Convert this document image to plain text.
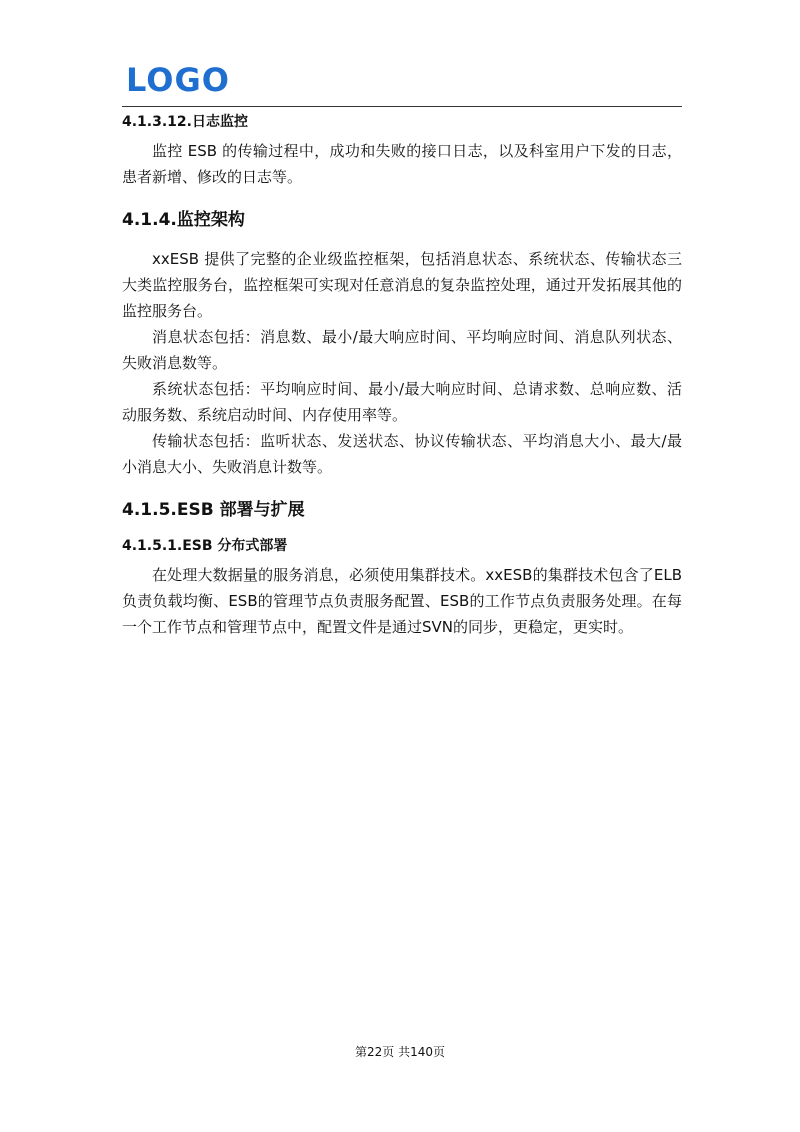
LOGO
4.1.3.12.日志监控

监控 ESB 的传输过程中，成功和失败的接口日志，以及科室用户下发的日志，患者新增、修改的日志等。

4.1.4.监控架构

xxESB 提供了完整的企业级监控框架，包括消息状态、系统状态、传输状态三大类监控服务台，监控框架可实现对任意消息的复杂监控处理，通过开发拓展其他的监控服务台。

消息状态包括：消息数、最小/最大响应时间、平均响应时间、消息队列状态、失败消息数等。

系统状态包括：平均响应时间、最小/最大响应时间、总请求数、总响应数、活动服务数、系统启动时间、内存使用率等。

传输状态包括：监听状态、发送状态、协议传输状态、平均消息大小、最大/最小消息大小、失败消息计数等。

4.1.5.ESB 部署与扩展
4.1.5.1.ESB 分布式部署

在处理大数据量的服务消息，必须使用集群技术。xxESB的集群技术包含了ELB负责负载均衡、ESB的管理节点负责服务配置、ESB的工作节点负责服务处理。在每一个工作节点和管理节点中，配置文件是通过SVN的同步，更稳定，更实时。

第22页 共140页
